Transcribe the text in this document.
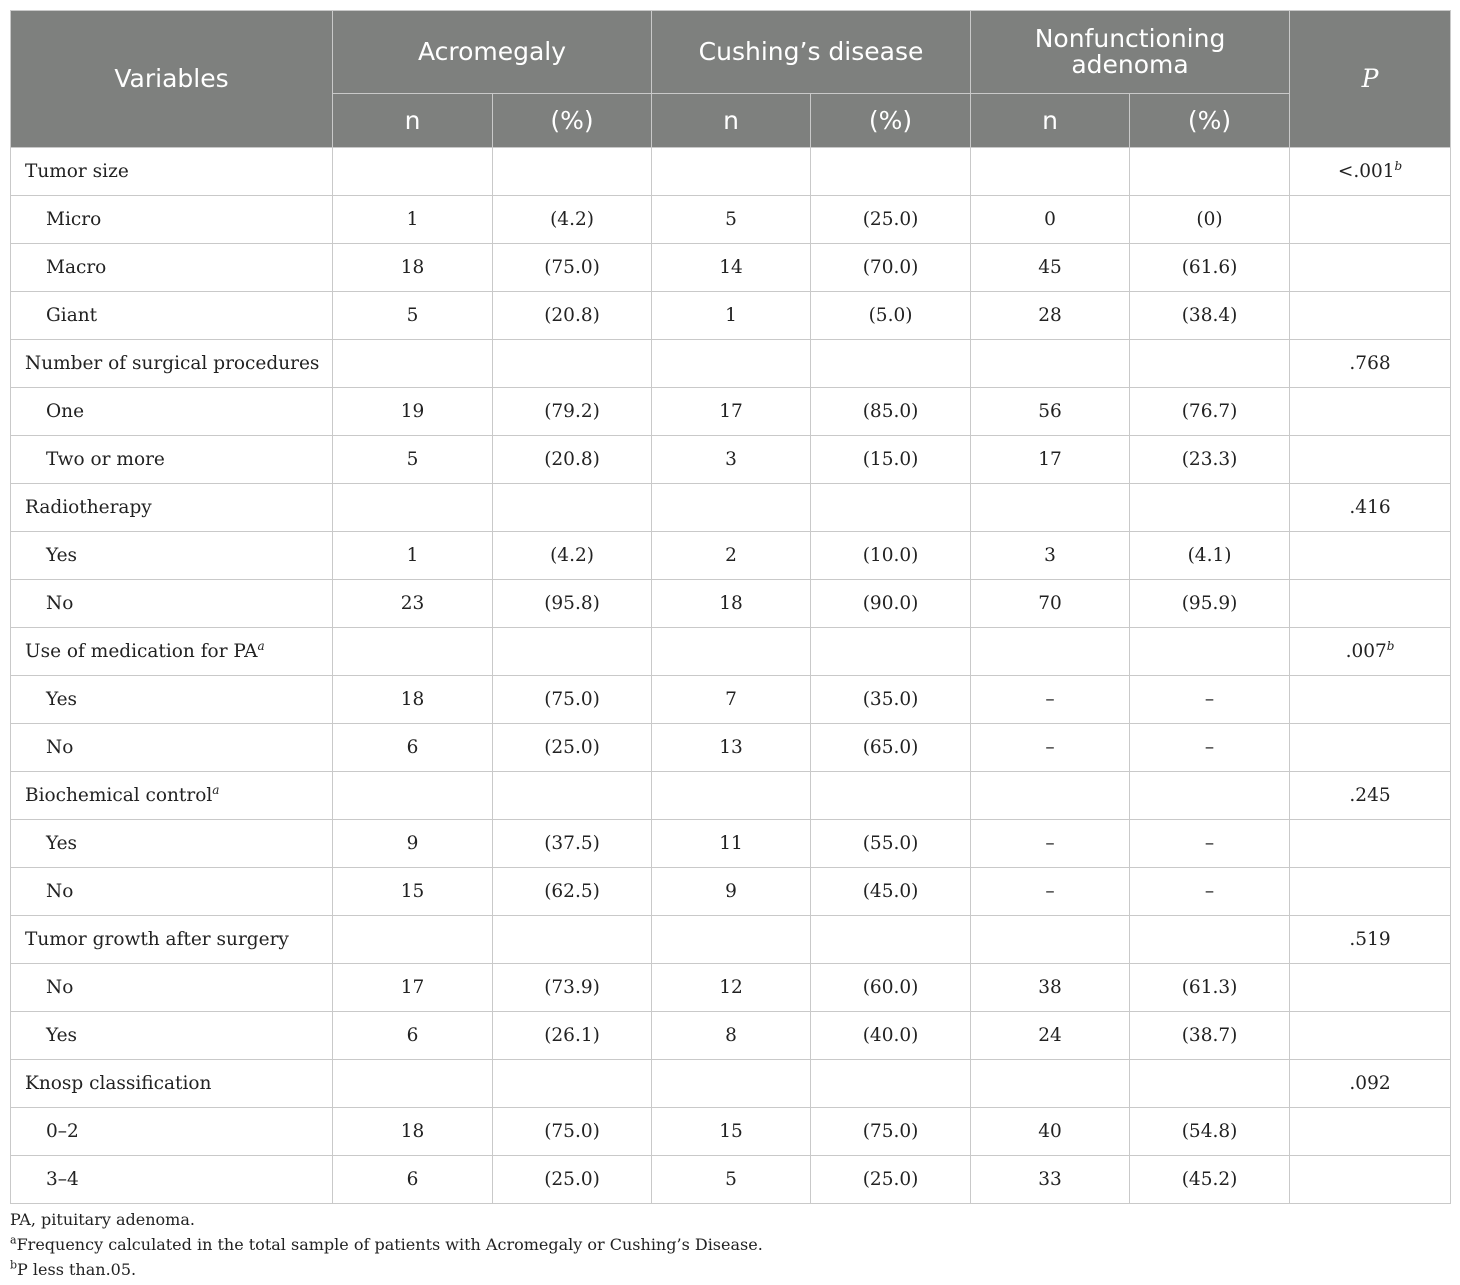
Variables	Acromegaly		Cushing’s disease		Nonfunctioning adenoma		P
	n	(%)	n	(%)	n	(%)	
Tumor size							<.001$^b$
Micro	1	(4.2)	5	(25.0)	0	(0)	
Macro	18	(75.0)	14	(70.0)	45	(61.6)	
Giant	5	(20.8)	1	(5.0)	28	(38.4)	
Number of surgical procedures							.768
One	19	(79.2)	17	(85.0)	56	(76.7)	
Two or more	5	(20.8)	3	(15.0)	17	(23.3)	
Radiotherapy							.416
Yes	1	(4.2)	2	(10.0)	3	(4.1)	
No	23	(95.8)	18	(90.0)	70	(95.9)	
Use of medication for $PA^a$							.007$^b$
Yes	18	(75.0)	7	(35.0)	–	–	
No	6	(25.0)	13	(65.0)	–	–	
Biochemical control$^a$							.245
Yes	9	(37.5)	11	(55.0)	–	–	
No	15	(62.5)	9	(45.0)	–	–	
Tumor growth after surgery							.519
No	17	(73.9)	12	(60.0)	38	(61.3)	
Yes	6	(26.1)	8	(40.0)	24	(38.7)	
Knosp classification							.092
0–2	18	(75.0)	15	(75.0)	40	(54.8)	
3–4	6	(25.0)	5	(25.0)	33	(45.2)	
PA, pituitary adenoma.
$^a$Frequency calculated in the total sample of patients with Acromegaly or Cushing’s Disease.
$^b$P less than.05.
